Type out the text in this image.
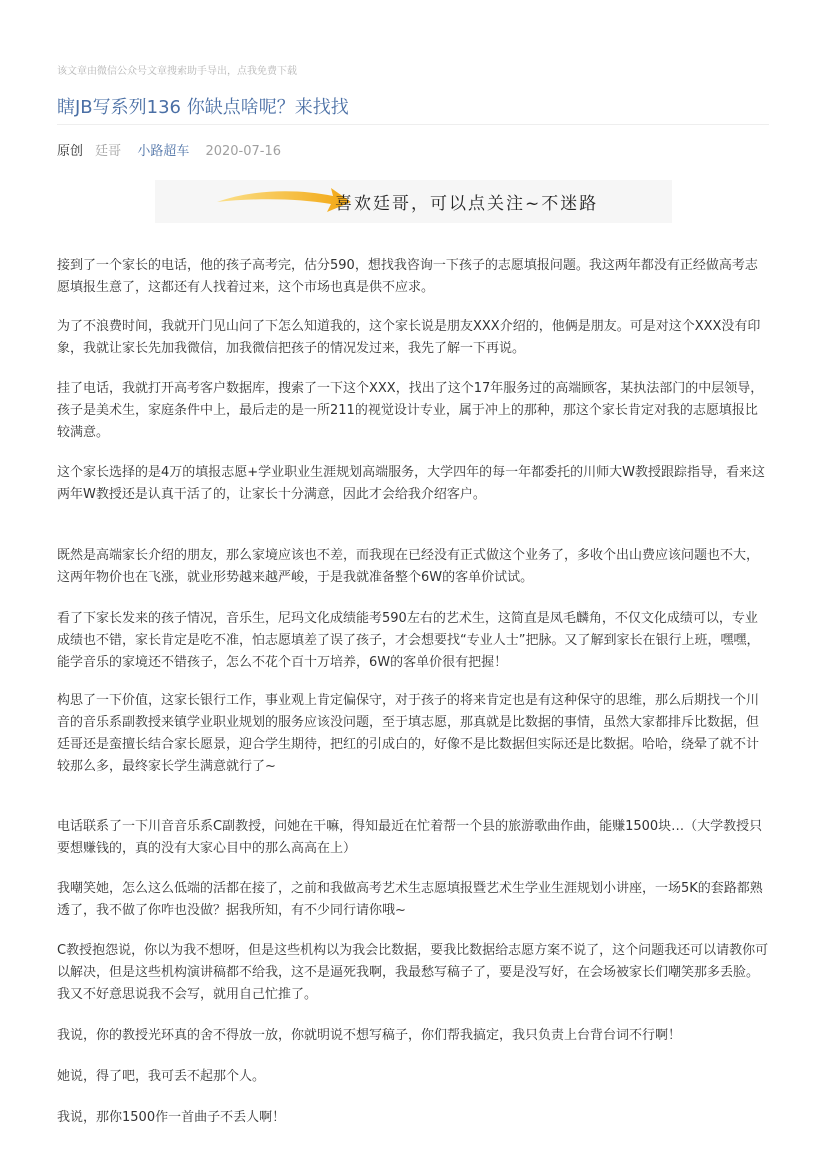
该文章由微信公众号文章搜索助手导出，点我免费下载
瞎JB写系列136 你缺点啥呢？来找找
原创 廷哥 小路超车 2020-07-16
喜欢廷哥，可以点关注~不迷路

接到了一个家长的电话，他的孩子高考完，估分590，想找我咨询一下孩子的志愿填报问题。我这两年都没有正经做高考志愿填报生意了，这都还有人找着过来，这个市场也真是供不应求。

为了不浪费时间，我就开门见山问了下怎么知道我的，这个家长说是朋友XXX介绍的，他俩是朋友。可是对这个XXX没有印象，我就让家长先加我微信，加我微信把孩子的情况发过来，我先了解一下再说。

挂了电话，我就打开高考客户数据库，搜索了一下这个XXX，找出了这个17年服务过的高端顾客，某执法部门的中层领导，孩子是美术生，家庭条件中上，最后走的是一所211的视觉设计专业，属于冲上的那种，那这个家长肯定对我的志愿填报比较满意。

这个家长选择的是4万的填报志愿+学业职业生涯规划高端服务，大学四年的每一年都委托的川师大W教授跟踪指导，看来这两年W教授还是认真干活了的，让家长十分满意，因此才会给我介绍客户。

既然是高端家长介绍的朋友，那么家境应该也不差，而我现在已经没有正式做这个业务了，多收个出山费应该问题也不大，这两年物价也在飞涨，就业形势越来越严峻，于是我就准备整个6W的客单价试试。

看了下家长发来的孩子情况，音乐生，尼玛文化成绩能考590左右的艺术生，这简直是凤毛麟角，不仅文化成绩可以，专业成绩也不错，家长肯定是吃不准，怕志愿填差了误了孩子，才会想要找“专业人士”把脉。又了解到家长在银行上班，嘿嘿，能学音乐的家境还不错孩子，怎么不花个百十万培养，6W的客单价很有把握！

构思了一下价值，这家长银行工作，事业观上肯定偏保守，对于孩子的将来肯定也是有这种保守的思维，那么后期找一个川音的音乐系副教授来镇学业职业规划的服务应该没问题，至于填志愿，那真就是比数据的事情，虽然大家都排斥比数据，但廷哥还是蛮擅长结合家长愿景，迎合学生期待，把红的引成白的，好像不是比数据但实际还是比数据。哈哈，绕晕了就不计较那么多，最终家长学生满意就行了~

电话联系了一下川音音乐系C副教授，问她在干嘛，得知最近在忙着帮一个县的旅游歌曲作曲，能赚1500块…（大学教授只要想赚钱的，真的没有大家心目中的那么高高在上）

我嘲笑她，怎么这么低端的活都在接了，之前和我做高考艺术生志愿填报暨艺术生学业生涯规划小讲座，一场5K的套路都熟透了，我不做了你咋也没做？据我所知，有不少同行请你哦~

C教授抱怨说，你以为我不想呀，但是这些机构以为我会比数据，要我比数据给志愿方案不说了，这个问题我还可以请教你可以解决，但是这些机构演讲稿都不给我，这不是逼死我啊，我最愁写稿子了，要是没写好，在会场被家长们嘲笑那多丢脸。我又不好意思说我不会写，就用自己忙推了。

我说，你的教授光环真的舍不得放一放，你就明说不想写稿子，你们帮我搞定，我只负责上台背台词不行啊！

她说，得了吧，我可丢不起那个人。

我说，那你1500作一首曲子不丢人啊！
